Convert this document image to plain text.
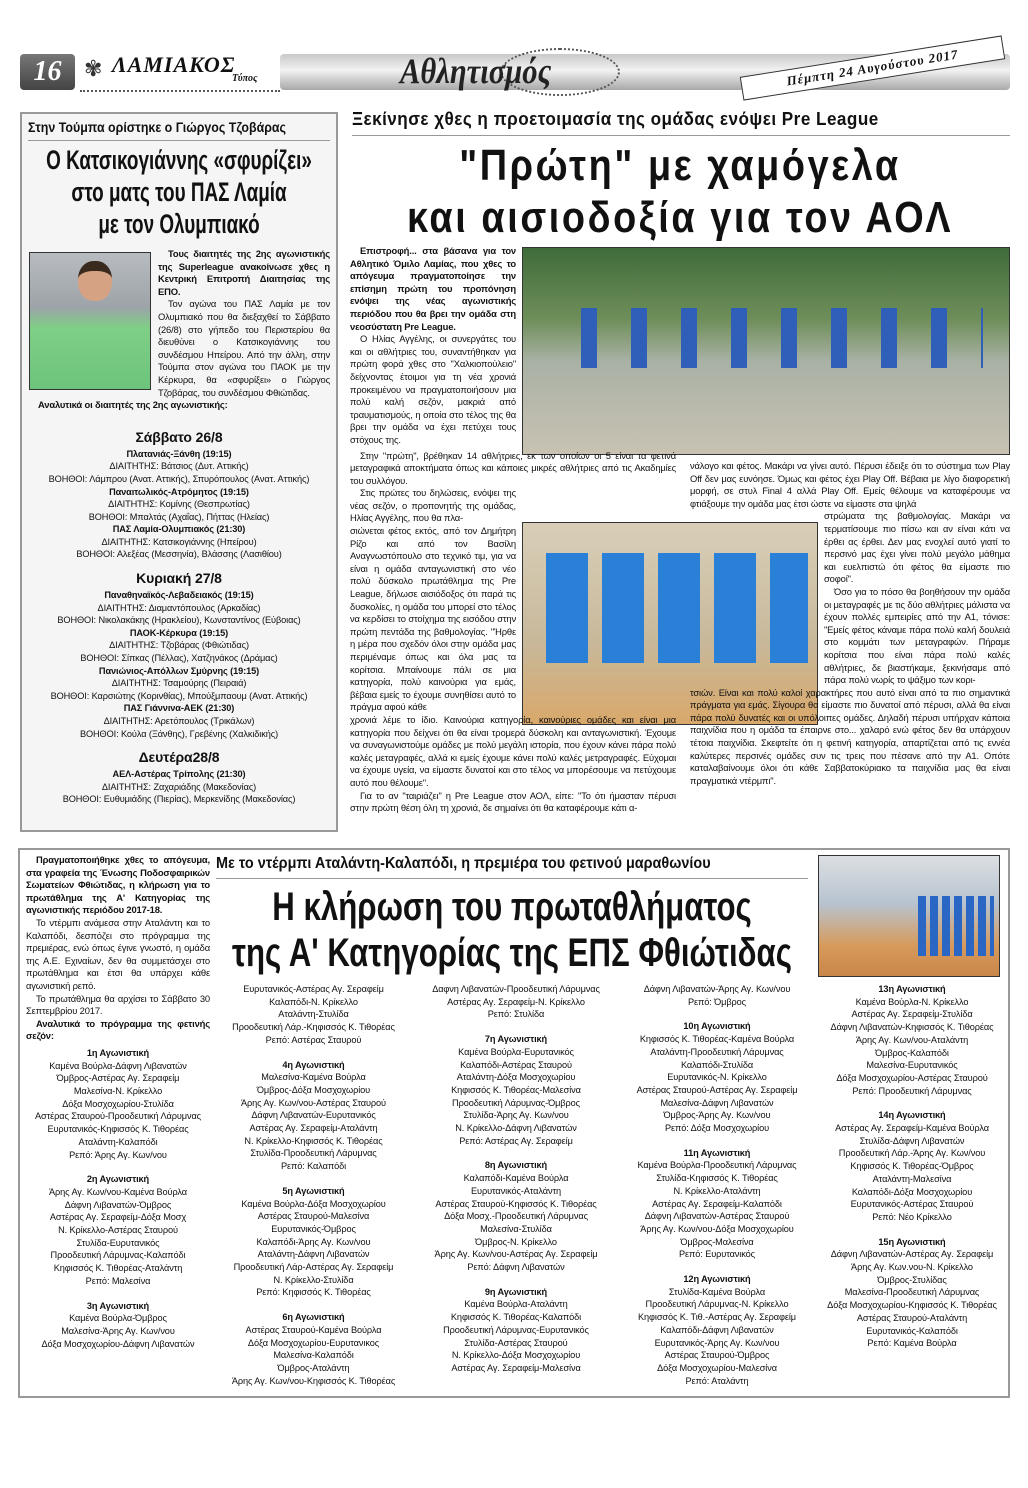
16	✾ ΛΑΜΙΑΚΟΣ
Τύπος	Αθλητισμός	Πέμπτη 24 Αυγούστου 2017
Στην Τούμπα ορίστηκε ο Γιώργος Τζοβάρας
Ο Κατσικογιάννης «σφυρίζει»
στο ματς του ΠΑΣ Λαμία
με τον Ολυμπιακό

Τους διαιτητές της 2ης αγωνιστικής της Superleague ανακοίνωσε χθες η Κεντρική Επιτροπή Διαιτησίας της ΕΠΟ.

Τον αγώνα του ΠΑΣ Λαμία με τον Ολυμπιακό που θα διεξαχθεί το Σάββατο (26/8) στο γήπεδο του Περιστερίου θα διευθύνει ο Κατσικογιάννης του συνδέσμου Ηπείρου. Από την άλλη, στην Τούμπα στον αγώνα του ΠΑΟΚ με την Κέρκυρα, θα «σφυρίξει» ο Γιώργος Τζοβάρας, του συνδέσμου Φθιώτιδας.

Αναλυτικά οι διαιτητές της 2ης αγωνιστικής:

Σάββατο 26/8
Πλατανιάς-Ξάνθη (19:15)
ΔΙΑΙΤΗΤΗΣ: Βάτσιος (Δυτ. Αττικής)
ΒΟΗΘΟΙ: Λάμπρου (Ανατ. Αττικής), Σπυρόπουλος (Ανατ. Αττικής)
Παναιτωλικός-Ατρόμητος (19:15)
ΔΙΑΙΤΗΤΗΣ: Κομίνης (Θεσπρωτίας)
ΒΟΗΘΟΙ: Μπαλτάς (Αχαΐας), Πήττας (Ηλείας)
ΠΑΣ Λαμία-Ολυμπιακός (21:30)
ΔΙΑΙΤΗΤΗΣ: Κατσικογιάννης (Ηπείρου)
ΒΟΗΘΟΙ: Αλεξέας (Μεσσηνία), Βλάσσης (Λασιθίου)
Κυριακή 27/8
Παναθηναϊκός-Λεβαδειακός (19:15)
ΔΙΑΙΤΗΤΗΣ: Διαμαντόπουλος (Αρκαδίας)
ΒΟΗΘΟΙ: Νικολακάκης (Ηρακλείου), Κωνσταντίνος (Εύβοιας)
ΠΑΟΚ-Κέρκυρα (19:15)
ΔΙΑΙΤΗΤΗΣ: Τζοβάρας (Φθιώτιδας)
ΒΟΗΘΟΙ: Σίπκας (Πέλλας), Χατζηνάκος (Δράμας)
Πανιώνιος-Απόλλων Σμύρνης (19:15)
ΔΙΑΙΤΗΤΗΣ: Τσαμούρης (Πειραιά)
ΒΟΗΘΟΙ: Καρσιώτης (Κορινθίας), Μπούξμπαουμ (Ανατ. Αττικής)
ΠΑΣ Γιάννινα-ΑΕΚ (21:30)
ΔΙΑΙΤΗΤΗΣ: Αρετόπουλος (Τρικάλων)
ΒΟΗΘΟΙ: Κούλα (Ξάνθης), Γρεβένης (Χαλκιδικής)
Δευτέρα28/8
ΑΕΛ-Αστέρας Τρίπολης (21:30)
ΔΙΑΙΤΗΤΗΣ: Ζαχαριάδης (Μακεδονίας)
ΒΟΗΘΟΙ: Ευθυμιάδης (Πιερίας), Μερκενίδης (Μακεδονίας)
Ξεκίνησε χθες η προετοιμασία της ομάδας ενόψει Pre League
"Πρώτη" με χαμόγελα
και αισιοδοξία για τον ΑΟΛ

Επιστροφή... στα βάσανα για τον Αθλητικό Όμιλο Λαμίας, που χθες το απόγευμα πραγματοποίησε την επίσημη πρώτη του προπόνηση ενόψει της νέας αγωνιστικής περιόδου που θα βρει την ομάδα στη νεοσύστατη Pre League.

Ο Ηλίας Αγγέλης, οι συνεργάτες του και οι αθλήτριες του, συναντήθηκαν για πρώτη φορά χθες στο "Χαλκιοπούλειο" δείχνοντας έτοιμοι για τη νέα χρονιά προκειμένου να πραγματοποιήσουν μια πολύ καλή σεζόν, μακριά από τραυματισμούς, η οποία στο τέλος της θα βρει την ομάδα να έχει πετύχει τους στόχους της.

Στην "πρώτη", βρέθηκαν 14 αθλήτριες, εκ των οποίων οι 5 είναι τα φετινά μεταγραφικά αποκτήματα όπως και κάποιες μικρές αθλήτριες από τις Ακαδημίες του συλλόγου.

Στις πρώτες του δηλώσεις, ενόψει της νέας σεζόν, ο προπονητής της ομάδας, Ηλίας Αγγέλης, που θα πλα-

σιώνεται φέτος εκτός, από τον Δημήτρη Ρίζο και από τον Βασίλη Αναγνωστόπουλο στο τεχνικό τιμ, για να είναι η ομάδα ανταγωνιστική στο νέο πολύ δύσκολο πρωτάθλημα της Pre League, δήλωσε αισιόδοξος ότι παρά τις δυσκολίες, η ομάδα του μπορεί στο τέλος να κερδίσει το στοίχημα της εισόδου στην πρώτη πεντάδα της βαθμολογίας. "Ήρθε η μέρα που σχεδόν όλοι στην ομάδα μας περιμέναμε όπως και όλα μας τα κορίτσια. Μπαίνουμε πάλι σε μια κατηγορία, πολύ καινούρια για εμάς, βέβαια εμείς το έχουμε συνηθίσει αυτό το πράγμα αφού κάθε

χρονιά λέμε το ίδιο. Καινούρια κατηγορία, καινούριες ομάδες και είναι μια κατηγορία που δείχνει ότι θα είναι τρομερά δύσκολη και ανταγωνιστική. Έχουμε να συναγωνιστούμε ομάδες με πολύ μεγάλη ιστορία, που έχουν κάνει πάρα πολύ καλές μεταγραφές, αλλά κι εμείς έχουμε κάνει πολύ καλές μετραγραφές. Εύχομαι να έχουμε υγεία, να είμαστε δυνατοί και στο τέλος να μπορέσουμε να πετύχουμε αυτό που θέλουμε".

Για το αν "ταιριάζει" η Pre League στον ΑΟΛ, είπε: "Το ότι ήμασταν πέρυσι στην πρώτη θέση όλη τη χρονιά, δε σημαίνει ότι θα καταφέρουμε κάτι α-

νάλογο και φέτος. Μακάρι να γίνει αυτό. Πέρυσι έδειξε ότι το σύστημα των Play Off δεν μας ευνόησε. Όμως και φέτος έχει Play Off. Βέβαια με λίγο διαφορετική μορφή, σε στυλ Final 4 αλλά Play Off. Εμείς θέλουμε να καταφέρουμε να φτιάξουμε την ομάδα μας έτσι ώστε να είμαστε στα ψηλά

στρώματα της βαθμολογίας. Μακάρι να τερματίσουμε πιο πίσω και αν είναι κάτι να έρθει ας έρθει. Δεν μας ενοχλεί αυτό γιατί το περσινό μας έχει γίνει πολύ μεγάλο μάθημα και ευελπιστώ ότι φέτος θα είμαστε πιο σοφοί".

Όσο για το πόσο θα βοηθήσουν την ομάδα οι μεταγραφές με τις δύο αθλήτριες μάλιστα να έχουν πολλές εμπειρίες από την Α1, τόνισε: "Εμείς φέτος κάναμε πάρα πολύ καλή δουλειά στο κομμάτι των μεταγραφών. Πήραμε κορίτσια που είναι πάρα πολύ καλές αθλήτριες, δε βιαστήκαμε, ξεκινήσαμε από πάρα πολύ νωρίς το ψάξιμο των κορι-

τσιών. Είναι και πολύ καλοί χαρακτήρες που αυτό είναι από τα πιο σημαντικά πράγματα για εμάς. Σίγουρα θα είμαστε πιο δυνατοί από πέρυσι, αλλά θα είναι πάρα πολύ δυνατές και οι υπόλοιπες ομάδες. Δηλαδή πέρυσι υπήρχαν κάποια παιχνίδια που η ομάδα τα έπαιρνε στο... χαλαρό ενώ φέτος δεν θα υπάρχουν τέτοια παιχνίδια. Σκεφτείτε ότι η φετινή κατηγορία, απαρτίζεται από τις εννέα καλύτερες περσινές ομάδες συν τις τρεις που πέσανε από την Α1. Οπότε καταλαβαίνουμε όλοι ότι κάθε Σαββατοκύριακο τα παιχνίδια μας θα είναι πραγματικά ντέρμπι".

Πραγματοποιήθηκε χθες το απόγευμα, στα γραφεία της Ένωσης Ποδοσφαιρικών Σωματείων Φθιώτιδας, η κλήρωση για το πρωτάθλημα της Α' Κατηγορίας της αγωνιστικής περιόδου 2017-18.

Το ντέρμπι ανάμεσα στην Αταλάντη και το Καλαπόδι, δεσπόζει στο πρόγραμμα της πρεμιέρας, ενώ όπως έγινε γνωστό, η ομάδα της Α.Ε. Εχιναίων, δεν θα συμμετάσχει στο πρωτάθλημα και έτσι θα υπάρχει κάθε αγωνιστική ρεπό.

Το πρωτάθλημα θα αρχίσει το Σάββατο 30 Σεπτεμβρίου 2017.

Αναλυτικά το πρόγραμμα της φετινής σεζόν:

1η Αγωνιστική
Καμένα Βούρλα-Δάφνη Λιβανατών
Όμβρος-Αστέρας Αγ. Σεραφείμ
Μαλεσίνα-Ν. Κρίκελλο
Δόξα Μοσχοχωρίου-Στυλίδα
Αστέρας Σταυρού-Προοδευτική Λάρυμνας
Ευρυτανικός-Κηφισσός Κ. Τιθορέας
Αταλάντη-Καλαπόδι
Ρεπό: Άρης Αγ. Κων/νου
2η Αγωνιστική
Άρης Αγ. Κων/νου-Καμένα Βούρλα
Δάφνη Λιβανατών-Όμβρος
Αστέρας Αγ. Σεραφείμ-Δόξα Μοσχ
Ν. Κρίκελλο-Αστέρας Σταυρού
Στυλίδα-Ευρυτανικός
Προοδευτική Λάρυμνας-Καλαπόδι
Κηφισσός Κ. Τιθορέας-Αταλάντη
Ρεπό: Μαλεσίνα
3η Αγωνιστική
Καμένα Βούρλα-Όμβρος
Μαλεσίνα-Άρης Αγ. Κων/νου
Δόξα Μοσχοχωρίου-Δάφνη Λιβανατών
Με το ντέρμπι Αταλάντη-Καλαπόδι, η πρεμιέρα του φετινού μαραθωνίου
Η κλήρωση του πρωταθλήματος
της Α' Κατηγορίας της ΕΠΣ Φθιώτιδας
Ευρυτανικός-Αστέρας Αγ. Σεραφείμ
Καλαπόδι-Ν. Κρίκελλο
Αταλάντη-Στυλίδα
Προοδευτική Λάρ.-Κηφισσός Κ. Τιθορέας
Ρεπό: Αστέρας Σταυρού
4η Αγωνιστική
Μαλεσίνα-Καμένα Βούρλα
Όμβρος-Δόξα Μοσχοχωρίου
Άρης Αγ. Κων/νου-Αστέρας Σταυρού
Δάφνη Λιβανατών-Ευρυτανικός
Αστέρας Αγ. Σεραφείμ-Αταλάντη
Ν. Κρίκελλο-Κηφισσός Κ. Τιθορέας
Στυλίδα-Προοδευτική Λάρυμνας
Ρεπό: Καλαπόδι
5η Αγωνιστική
Καμένα Βούρλα-Δόξα Μοσχοχωρίου
Αστέρας Σταυρού-Μαλεσίνα
Ευρυτανικός-Όμβρος
Καλαπόδι-Άρης Αγ. Κων/νου
Αταλάντη-Δάφνη Λιβανατών
Προοδευτική Λάρ-Αστέρας Αγ. Σεραφείμ
Ν. Κρίκελλο-Στυλίδα
Ρεπό: Κηφισσός Κ. Τιθορέας
6η Αγωνιστική
Αστέρας Σταυρού-Καμένα Βούρλα
Δόξα Μοσχοχωρίου-Ευρυτανικος
Μαλεσίνα-Καλαπόδι
Όμβρος-Αταλάντη
Άρης Αγ. Κων/νου-Κηφισσός Κ. Τιθορέας
Δαφνη Λιβανατών-Προοδευτική Λάρυμνας
Αστέρας Αγ. Σεραφείμ-Ν. Κρίκελλο
Ρεπό: Στυλίδα
7η Αγωνιστική
Καμένα Βούρλα-Ευρυτανικός
Καλαπόδι-Αστέρας Σταυρού
Αταλάντη-Δόξα Μοσχοχωρίου
Κηφισσός Κ. Τιθορέας-Μαλεσίνα
Προοδευτική Λάρυμνας-Όμβρος
Στυλίδα-Άρης Αγ. Κων/νου
Ν. Κρίκελλο-Δάφνη Λιβανατών
Ρεπό: Αστέρας Αγ. Σεραφείμ
8η Αγωνιστική
Καλαπόδι-Καμένα Βούρλα
Ευρυτανικός-Αταλάντη
Αστέρας Σταυρού-Κηφισσός Κ. Τιθορέας
Δόξα Μοσχ.-Προοδευτική Λάρυμνας
Μαλεσίνα-Στυλίδα
Όμβρος-Ν. Κρίκελλο
Άρης Αγ. Κων/νου-Αστέρας Αγ. Σεραφείμ
Ρεπό: Δάφνη Λιβανατών
9η Αγωνιστική
Καμένα Βούρλα-Αταλάντη
Κηφισσός Κ. Τιθορέας-Καλαπόδι
Προοδευτική Λάρυμνας-Ευρυτανικός
Στυλίδα-Αστέρας Σταυρού
Ν. Κρίκελλο-Δόξα Μοσχοχωρίου
Αστέρας Αγ. Σεραφείμ-Μαλεσίνα
Δάφνη Λιβανατών-Άρης Αγ. Κων/νου
Ρεπό: Όμβρος
10η Αγωνιστική
Κηφισσός Κ. Τιθορέας-Καμένα Βούρλα
Αταλάντη-Προοδευτική Λάρυμνας
Καλαπόδι-Στυλίδα
Ευρυτανικός-Ν. Κρίκελλο
Αστέρας Σταυρού-Αστέρας Αγ. Σεραφείμ
Μαλεσίνα-Δάφνη Λιβανατών
Όμβρος-Άρης Αγ. Κων/νου
Ρεπό: Δόξα Μοσχοχωρίου
11η Αγωνιστική
Καμένα Βούρλα-Προοδευτική Λάρυμνας
Στυλίδα-Κηφισσός Κ. Τιθορέας
Ν. Κρίκελλο-Αταλάντη
Αστέρας Αγ. Σεραφείμ-Καλαπόδι
Δάφνη Λιβανατών-Αστέρας Σταυρού
Άρης Αγ. Κων/νου-Δόξα Μοσχοχωρίου
Όμβρος-Μαλεσίνα
Ρεπό: Ευρυτανικός
12η Αγωνιστική
Στυλίδα-Καμένα Βούρλα
Προοδευτική Λάρυμνας-Ν. Κρίκελλο
Κηφισσός Κ. Τιθ.-Αστέρας Αγ. Σεραφείμ
Καλαπόδι-Δάφνη Λιβανατών
Ευρυτανικός-Άρης Αγ. Κων/νου
Αστέρας Σταυρού-Όμβρος
Δόξα Μοσχοχωρίου-Μαλεσίνα
Ρεπό: Αταλάντη
13η Αγωνιστική
Καμένα Βούρλα-Ν. Κρίκελλο
Αστέρας Αγ. Σεραφείμ-Στυλίδα
Δάφνη Λιβανατών-Κηφισσός Κ. Τιθορέας
Άρης Αγ. Κων/νου-Αταλάντη
Όμβρος-Καλαπόδι
Μαλεσίνα-Ευρυτανικός
Δόξα Μοσχοχωρίου-Αστέρας Σταυρού
Ρεπό: Προοδευτική Λάρυμνας
14η Αγωνιστική
Αστέρας Αγ. Σεραφείμ-Καμένα Βούρλα
Στυλίδα-Δάφνη Λιβανατών
Προοδευτική Λάρ.-Άρης Αγ. Κων/νου
Κηφισσός Κ. Τιθορέας-Όμβρος
Αταλάντη-Μαλεσίνα
Καλαπόδι-Δόξα Μοσχοχωρίου
Ευρυτανικός-Αστέρας Σταυρού
Ρεπό: Νέο Κρίκελλο
15η Αγωνιστική
Δάφνη Λιβανατών-Αστέρας Αγ. Σεραφείμ
Άρης Αγ. Κων.νου-Ν. Κρίκελλο
Όμβρος-Στυλίδας
Μαλεσίνα-Προοδευτική Λάρυμνας
Δόξα Μοσχοχωρίου-Κηφισσός Κ. Τιθορέας
Αστέρας Σταυρού-Αταλάντη
Ευρυτανικός-Καλαπόδι
Ρεπό: Καμένα Βούρλα
